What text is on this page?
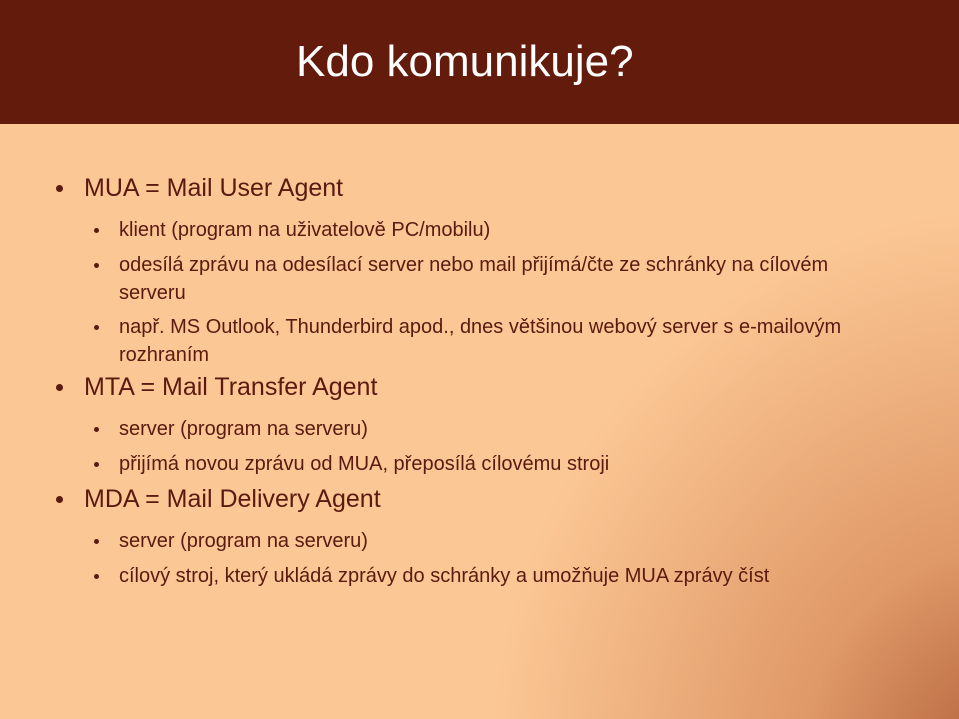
Kdo komunikuje?
MUA = Mail User Agent
klient (program na uživatelově PC/mobilu)
odesílá zprávu na odesílací server nebo mail přijímá/čte ze schránky na cílovém serveru
např. MS Outlook, Thunderbird apod., dnes většinou webový server s e-mailovým rozhraním
MTA = Mail Transfer Agent
server (program na serveru)
přijímá novou zprávu od MUA, přeposílá cílovému stroji
MDA = Mail Delivery Agent
server (program na serveru)
cílový stroj, který ukládá zprávy do schránky a umožňuje MUA zprávy číst
